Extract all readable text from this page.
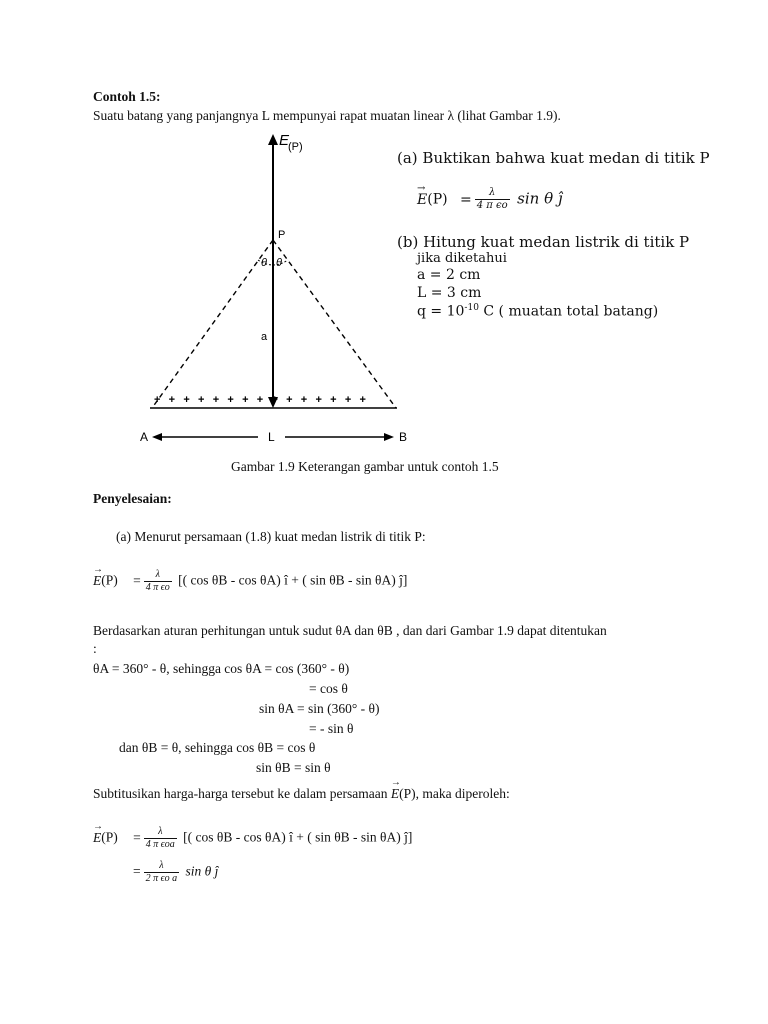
Contoh 1.5:
Suatu batang yang panjangnya L mempunyai rapat muatan linear λ (lihat Gambar 1.9).
E
(P)
P
θ θ
a
+ + + + + + + + + + + + + + +
A	L	B
(a) Buktikan bahwa kuat medan di titik P
→ $E(P) = \frac{\lambda}{\text{4 π ϵo}}$ sin θ ĵ
(b) Hitung kuat medan listrik di titik P
jika diketahui
a = 2 cm
L = 3 cm
$q = 10^{-10}$ C ( muatan total batang)
Gambar 1.9 Keterangan gambar untuk contoh 1.5
Penyelesaian:
(a) Menurut persamaan (1.8) kuat medan listrik di titik P:
→ $E(P) = \frac{\lambda}{\text{4 π ϵo}}$ [( cos θB - cos θA) î + ( sin θB - sin θA) ĵ]
Berdasarkan aturan perhitungan untuk sudut θA dan θB , dan dari Gambar 1.9 dapat ditentukan
:
θA = 360° - θ, sehingga cos θA = cos (360° - θ)
= cos θ
sin θA = sin (360° - θ)
= - sin θ
dan θB = θ, sehingga cos θB = cos θ
sin θB = sin θ
Subtitusikan harga-harga tersebut ke dalam persamaan → E(P), maka diperoleh:
→ $E(P) = \frac{\lambda}{\text{4 π ϵoa}}$ [( cos θB - cos θA) î + ( sin θB - sin θA) ĵ]
= $\frac{\lambda}{\text{2 π ϵo a}}$ sin θ ĵ
